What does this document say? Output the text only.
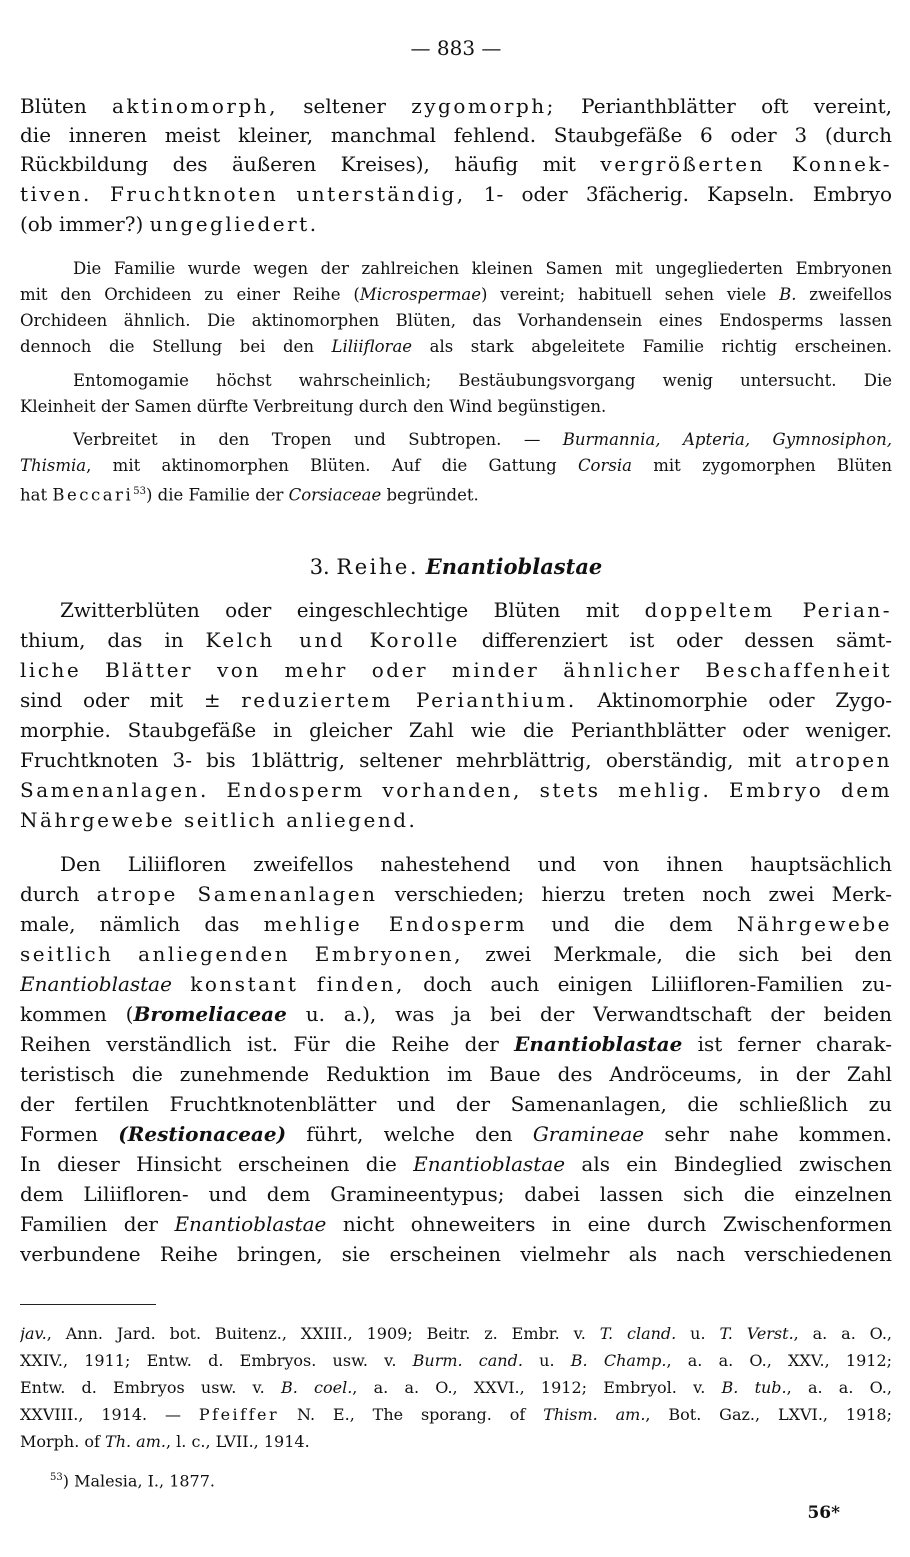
— 883 —
Blüten aktinomorph, seltener zygomorph; Perianthblätter oft vereint,
die inneren meist kleiner, manchmal fehlend. Staubgefäße 6 oder 3 (durch
Rückbildung des äußeren Kreises), häufig mit vergrößerten Konnek-
tiven. Fruchtknoten unterständig, 1- oder 3fächerig. Kapseln. Embryo
(ob immer?) ungegliedert.
Die Familie wurde wegen der zahlreichen kleinen Samen mit ungegliederten Embryonen
mit den Orchideen zu einer Reihe (Microspermae) vereint; habituell sehen viele B. zweifellos
Orchideen ähnlich. Die aktinomorphen Blüten, das Vorhandensein eines Endosperms lassen
dennoch die Stellung bei den Liliiflorae als stark abgeleitete Familie richtig erscheinen.
Entomogamie höchst wahrscheinlich; Bestäubungsvorgang wenig untersucht. Die
Kleinheit der Samen dürfte Verbreitung durch den Wind begünstigen.
Verbreitet in den Tropen und Subtropen. — Burmannia, Apteria, Gymnosiphon,
Thismia, mit aktinomorphen Blüten. Auf die Gattung Corsia mit zygomorphen Blüten
hat Beccari$^{53}$) die Familie der Corsiaceae begründet.
3. Reihe. Enantioblastae
Zwitterblüten oder eingeschlechtige Blüten mit doppeltem Perian-
thium, das in Kelch und Korolle differenziert ist oder dessen sämt-
liche Blätter von mehr oder minder ähnlicher Beschaffenheit
sind oder mit ± reduziertem Perianthium. Aktinomorphie oder Zygo-
morphie. Staubgefäße in gleicher Zahl wie die Perianthblätter oder weniger.
Fruchtknoten 3- bis 1blättrig, seltener mehrblättrig, oberständig, mit atropen
Samenanlagen. Endosperm vorhanden, stets mehlig. Embryo dem
Nährgewebe seitlich anliegend.
Den Liliifloren zweifellos nahestehend und von ihnen hauptsächlich
durch atrope Samenanlagen verschieden; hierzu treten noch zwei Merk-
male, nämlich das mehlige Endosperm und die dem Nährgewebe
seitlich anliegenden Embryonen, zwei Merkmale, die sich bei den
Enantioblastae konstant finden, doch auch einigen Liliifloren-Familien zu-
kommen (Bromeliaceae u. a.), was ja bei der Verwandtschaft der beiden
Reihen verständlich ist. Für die Reihe der Enantioblastae ist ferner charak-
teristisch die zunehmende Reduktion im Baue des Andröceums, in der Zahl
der fertilen Fruchtknotenblätter und der Samenanlagen, die schließlich zu
Formen (Restionaceae) führt, welche den Gramineae sehr nahe kommen.
In dieser Hinsicht erscheinen die Enantioblastae als ein Bindeglied zwischen
dem Liliifloren- und dem Gramineentypus; dabei lassen sich die einzelnen
Familien der Enantioblastae nicht ohneweiters in eine durch Zwischenformen
verbundene Reihe bringen, sie erscheinen vielmehr als nach verschiedenen
jav., Ann. Jard. bot. Buitenz., XXIII., 1909; Beitr. z. Embr. v. T. cland. u. T. Verst., a. a. O.,
XXIV., 1911; Entw. d. Embryos. usw. v. Burm. cand. u. B. Champ., a. a. O., XXV., 1912;
Entw. d. Embryos usw. v. B. coel., a. a. O., XXVI., 1912; Embryol. v. B. tub., a. a. O.,
XXVIII., 1914. — Pfeiffer N. E., The sporang. of Thism. am., Bot. Gaz., LXVI., 1918;
Morph. of Th. am., l. c., LVII., 1914.
$^{53}$) Malesia, I., 1877.
56*
